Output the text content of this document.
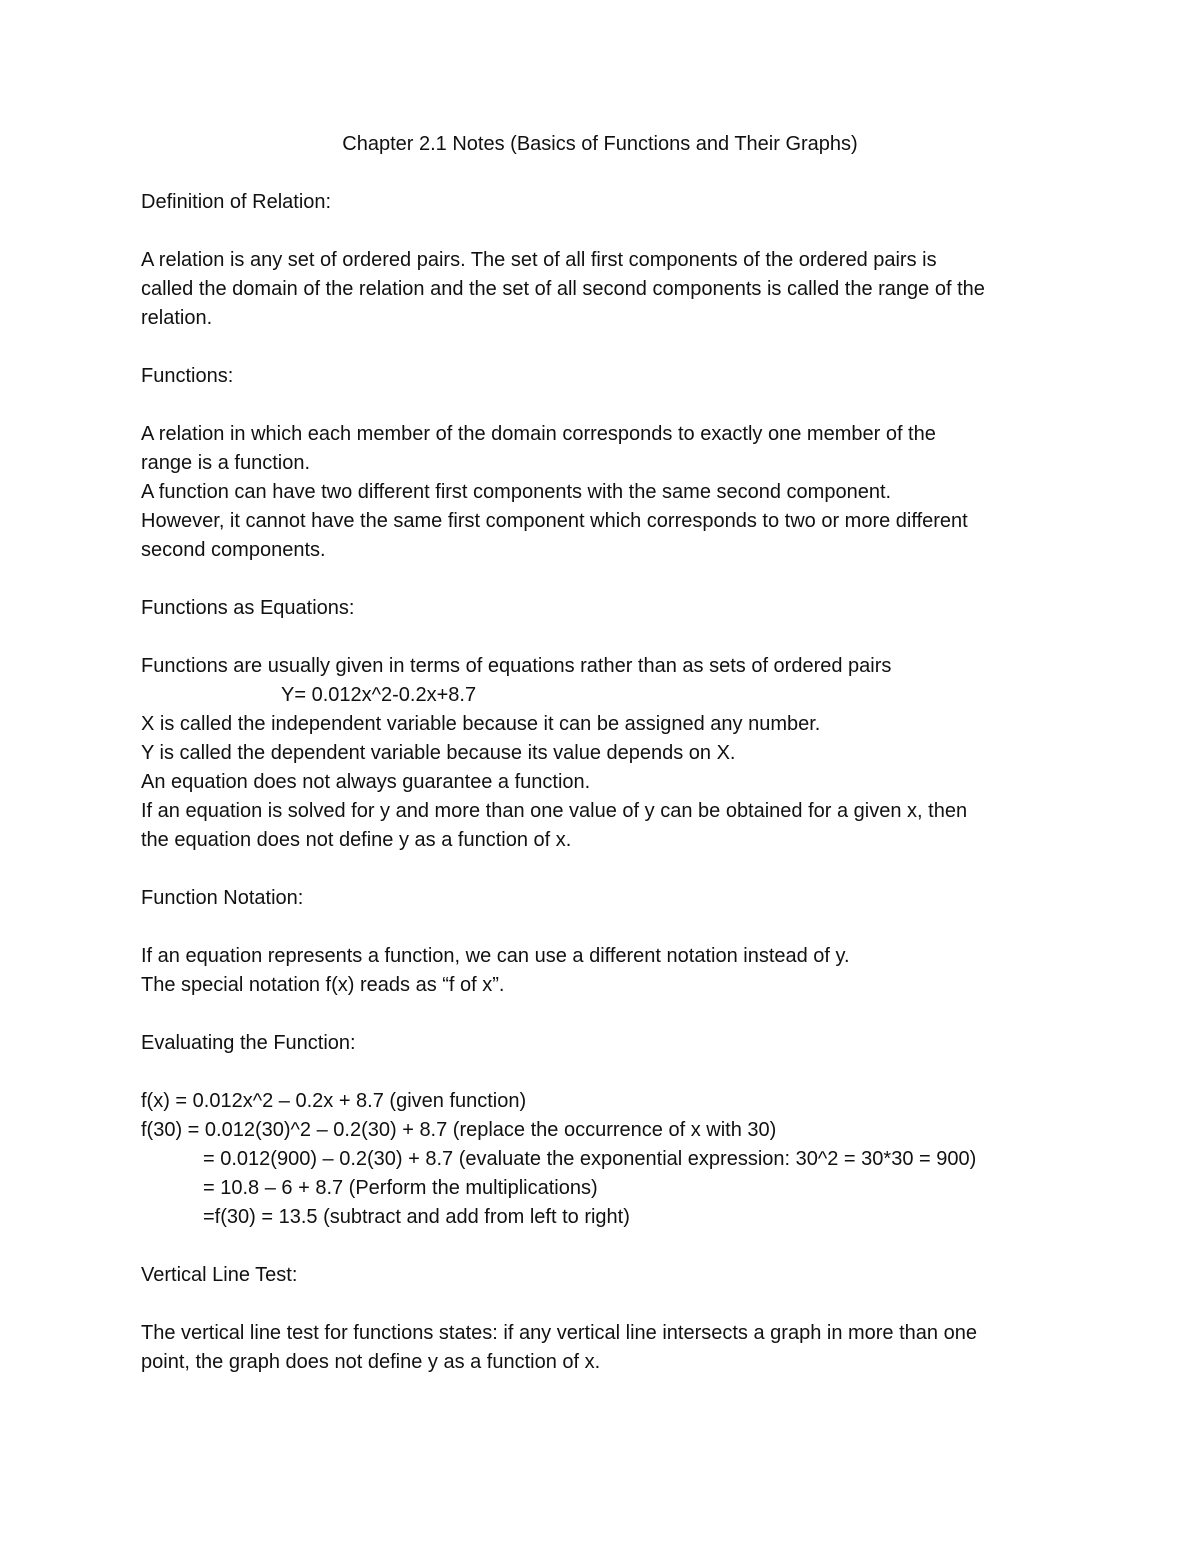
Chapter 2.1 Notes (Basics of Functions and Their Graphs)

Definition of Relation:
A relation is any set of ordered pairs. The set of all first components of the ordered pairs is
called the domain of the relation and the set of all second components is called the range of the
relation.
Functions:
A relation in which each member of the domain corresponds to exactly one member of the
range is a function.
A function can have two different first components with the same second component.
However, it cannot have the same first component which corresponds to two or more different
second components.
Functions as Equations:
Functions are usually given in terms of equations rather than as sets of ordered pairs
Y= 0.012x^2-0.2x+8.7
X is called the independent variable because it can be assigned any number.
Y is called the dependent variable because its value depends on X.
An equation does not always guarantee a function.
If an equation is solved for y and more than one value of y can be obtained for a given x, then
the equation does not define y as a function of x.
Function Notation:
If an equation represents a function, we can use a different notation instead of y.
The special notation f(x) reads as “f of x”.
Evaluating the Function:
f(x) = 0.012x^2 – 0.2x + 8.7 (given function)
f(30) = 0.012(30)^2 – 0.2(30) + 8.7 (replace the occurrence of x with 30)
= 0.012(900) – 0.2(30) + 8.7 (evaluate the exponential expression: 30^2 = 30*30 = 900)
= 10.8 – 6 + 8.7 (Perform the multiplications)
=f(30) = 13.5 (subtract and add from left to right)
Vertical Line Test:
The vertical line test for functions states: if any vertical line intersects a graph in more than one
point, the graph does not define y as a function of x.
